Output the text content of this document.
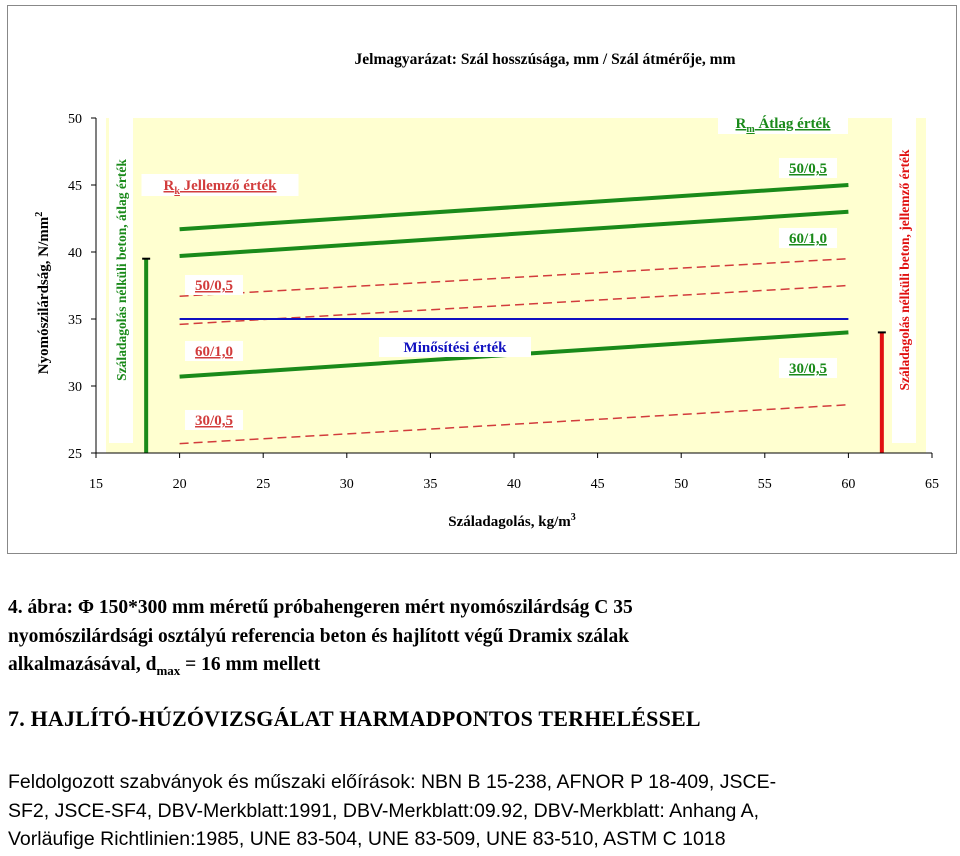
Jelmagyarázat: Szál hosszúsága, mm / Szál átmérője, mm
25
30
35
40
45
50
15	20	25	30	35	40	45	50	55	60	65
Nyomószilárdság, $N/mm^2$
Száladagolás, $kg/m^3$
$R_m$ Átlag érték
$R_k$ Jellemző érték
50/0,5
60/1,0
30/0,5
50/0,5
60/1,0
30/0,5
Minősítési érték
Száladagolás nélküli beton, átlag érték	Száladagolás nélküli beton, jellemző érték
4. ábra: Φ 150*300 mm méretű próbahengeren mért nyomószilárdság C 35
nyomószilárdsági osztályú referencia beton és hajlított végű Dramix szálak
alkalmazásával, $d_{max} = 16$ mm mellett
7. HAJLÍTÓ-HÚZÓVIZSGÁLAT HARMADPONTOS TERHELÉSSEL
Feldolgozott szabványok és műszaki előírások: NBN B 15-238, AFNOR P 18-409, JSCE-
SF2, JSCE-SF4, DBV-Merkblatt:1991, DBV-Merkblatt:09.92, DBV-Merkblatt: Anhang A,
Vorläufige Richtlinien:1985, UNE 83-504, UNE 83-509, UNE 83-510, ASTM C 1018
